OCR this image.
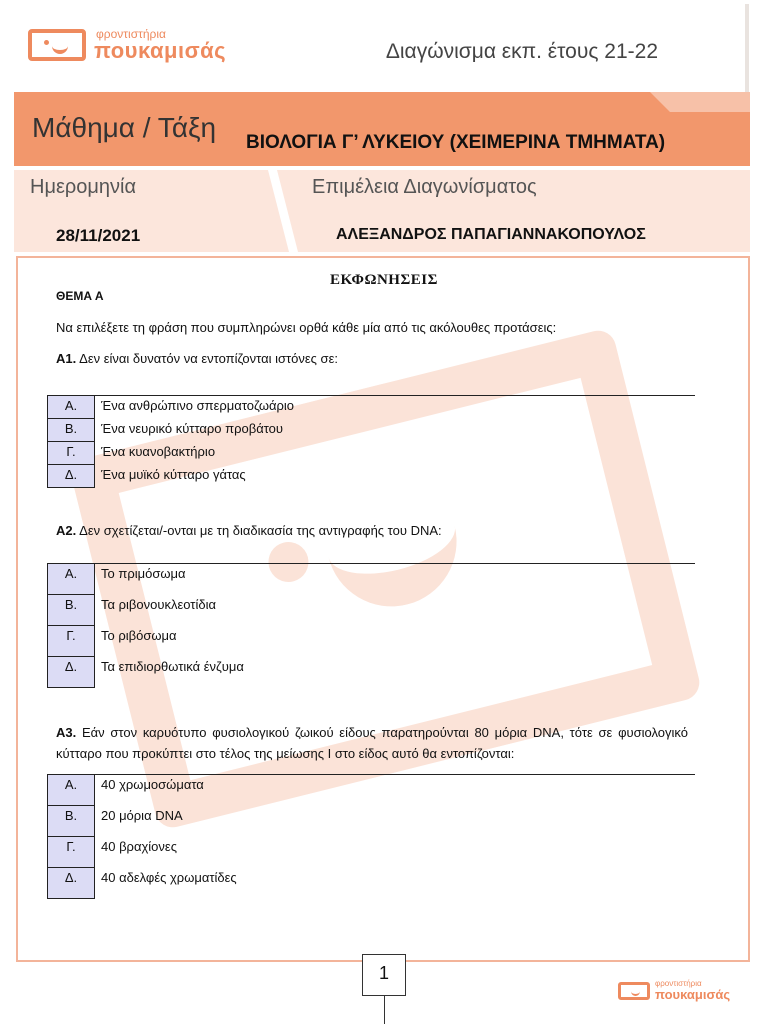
φροντιστήρια
πουκαμισάς	Διαγώνισμα εκπ. έτους 21-22
Μάθημα / Τάξη ΒΙΟΛΟΓΙΑ Γ’ ΛΥΚΕΙΟΥ (ΧΕΙΜΕΡΙΝΑ ΤΜΗΜΑΤΑ)
Ημερομηνία	Επιμέλεια Διαγωνίσματος
28/11/2021	ΑΛΕΞΑΝΔΡΟΣ ΠΑΠΑΓΙΑΝΝΑΚΟΠΟΥΛΟΣ
ΕΚΦΩΝΗΣΕΙΣ
ΘΕΜΑ Α
Να επιλέξετε τη φράση που συμπληρώνει ορθά κάθε μία από τις ακόλουθες προτάσεις:
Α1. Δεν είναι δυνατόν να εντοπίζονται ιστόνες σε:
Α.	Ένα ανθρώπινο σπερματοζωάριο
Β.	Ένα νευρικό κύτταρο προβάτου
Γ.	Ένα κυανοβακτήριο
Δ.	Ένα μυϊκό κύτταρο γάτας
Α2. Δεν σχετίζεται/-ονται με τη διαδικασία της αντιγραφής του DNA:
Α.	Το πριμόσωμα
Β.	Τα ριβονουκλεοτίδια
Γ.	Το ριβόσωμα
Δ.	Τα επιδιορθωτικά ένζυμα
Α3. Εάν στον καρυότυπο φυσιολογικού ζωικού είδους παρατηρούνται 80 μόρια DNA, τότε σε φυσιολογικό κύτταρο που προκύπτει στο τέλος της μείωσης Ι στο είδος αυτό θα εντοπίζονται:
Α.	40 χρωμοσώματα
Β.	20 μόρια DNA
Γ.	40 βραχίονες
Δ.	40 αδελφές χρωματίδες
1
φροντιστήρια
πουκαμισάς
